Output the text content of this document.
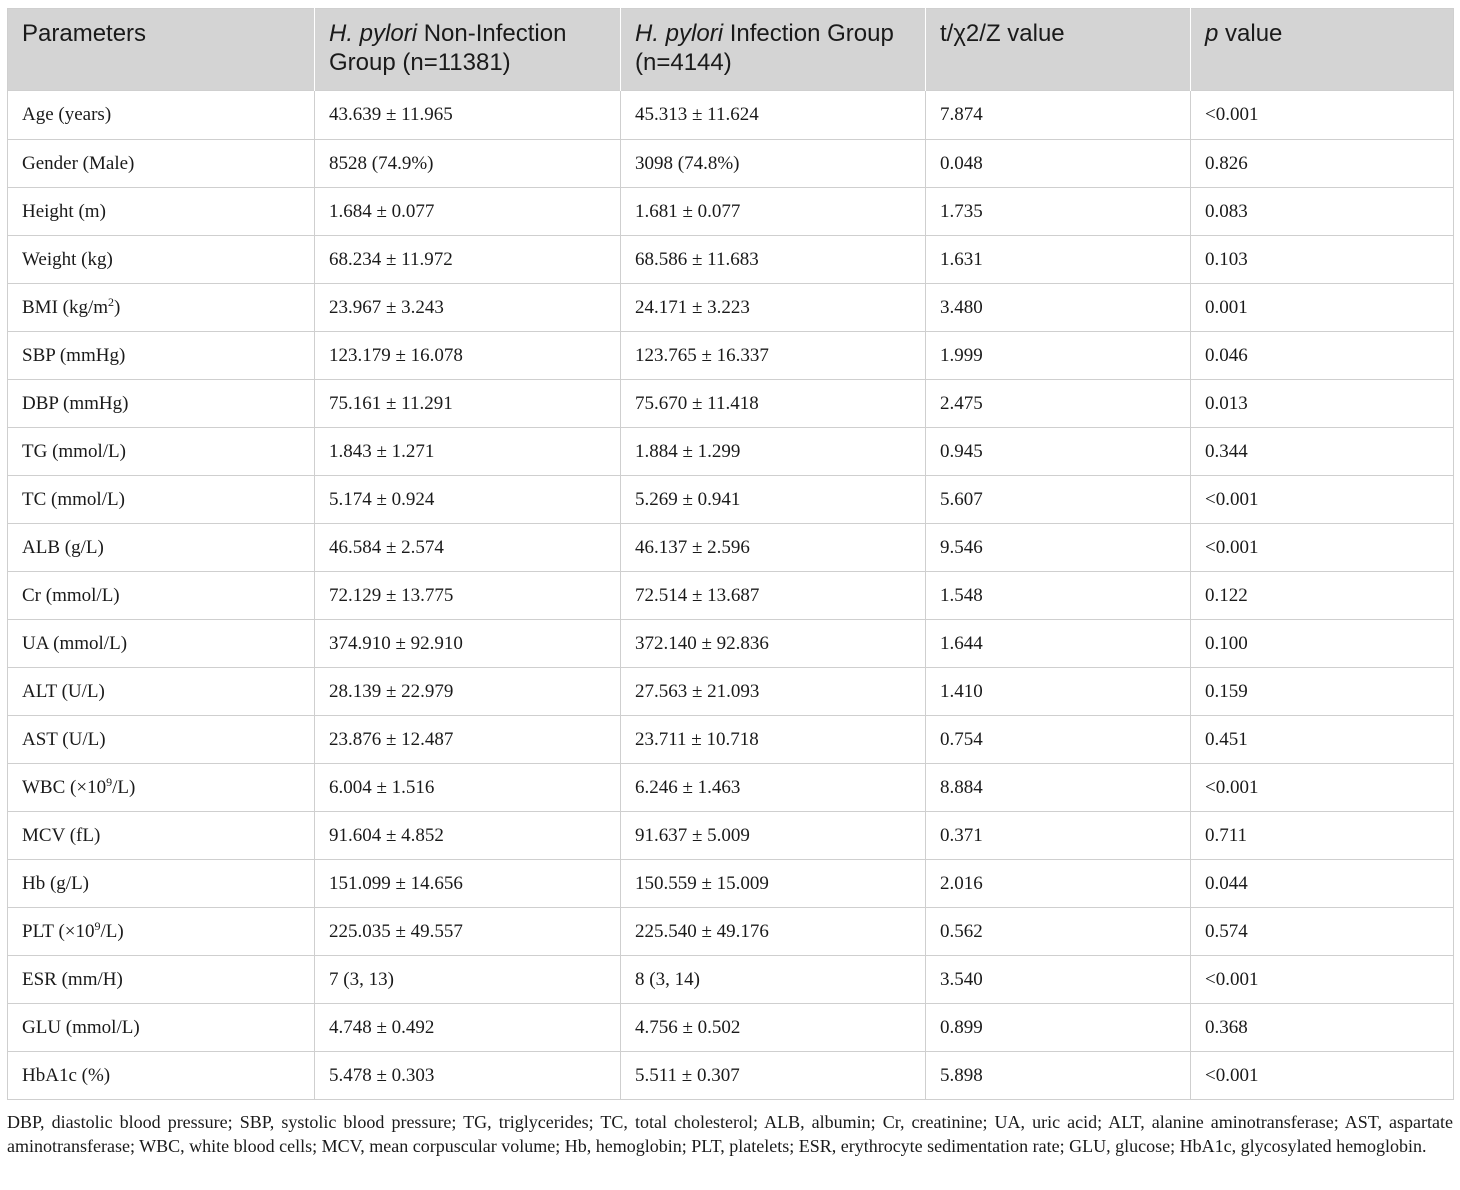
Parameters	H. pylori Non-Infection Group (n=11381)	H. pylori Infection Group (n=4144)	t/χ2/Z value	p value
Age (years)	43.639 ± 11.965	45.313 ± 11.624	7.874	<0.001
Gender (Male)	8528 (74.9%)	3098 (74.8%)	0.048	0.826
Height (m)	1.684 ± 0.077	1.681 ± 0.077	1.735	0.083
Weight (kg)	68.234 ± 11.972	68.586 ± 11.683	1.631	0.103
BMI $(kg/m^2)$	23.967 ± 3.243	24.171 ± 3.223	3.480	0.001
SBP (mmHg)	123.179 ± 16.078	123.765 ± 16.337	1.999	0.046
DBP (mmHg)	75.161 ± 11.291	75.670 ± 11.418	2.475	0.013
TG (mmol/L)	1.843 ± 1.271	1.884 ± 1.299	0.945	0.344
TC (mmol/L)	5.174 ± 0.924	5.269 ± 0.941	5.607	<0.001
ALB (g/L)	46.584 ± 2.574	46.137 ± 2.596	9.546	<0.001
Cr (mmol/L)	72.129 ± 13.775	72.514 ± 13.687	1.548	0.122
UA (mmol/L)	374.910 ± 92.910	372.140 ± 92.836	1.644	0.100
ALT (U/L)	28.139 ± 22.979	27.563 ± 21.093	1.410	0.159
AST (U/L)	23.876 ± 12.487	23.711 ± 10.718	0.754	0.451
WBC $(\times 10^9/L)$	6.004 ± 1.516	6.246 ± 1.463	8.884	<0.001
MCV (fL)	91.604 ± 4.852	91.637 ± 5.009	0.371	0.711
Hb (g/L)	151.099 ± 14.656	150.559 ± 15.009	2.016	0.044
PLT $(\times 10^9/L)$	225.035 ± 49.557	225.540 ± 49.176	0.562	0.574
ESR (mm/H)	7 (3, 13)	8 (3, 14)	3.540	<0.001
GLU (mmol/L)	4.748 ± 0.492	4.756 ± 0.502	0.899	0.368
HbA1c (%)	5.478 ± 0.303	5.511 ± 0.307	5.898	<0.001
DBP, diastolic blood pressure; SBP, systolic blood pressure; TG, triglycerides; TC, total cholesterol; ALB, albumin; Cr, creatinine; UA, uric acid; ALT, alanine aminotransferase; AST, aspartate aminotransferase; WBC, white blood cells; MCV, mean corpuscular volume; Hb, hemoglobin; PLT, platelets; ESR, erythrocyte sedimentation rate; GLU, glucose; HbA1c, glycosylated hemoglobin.
